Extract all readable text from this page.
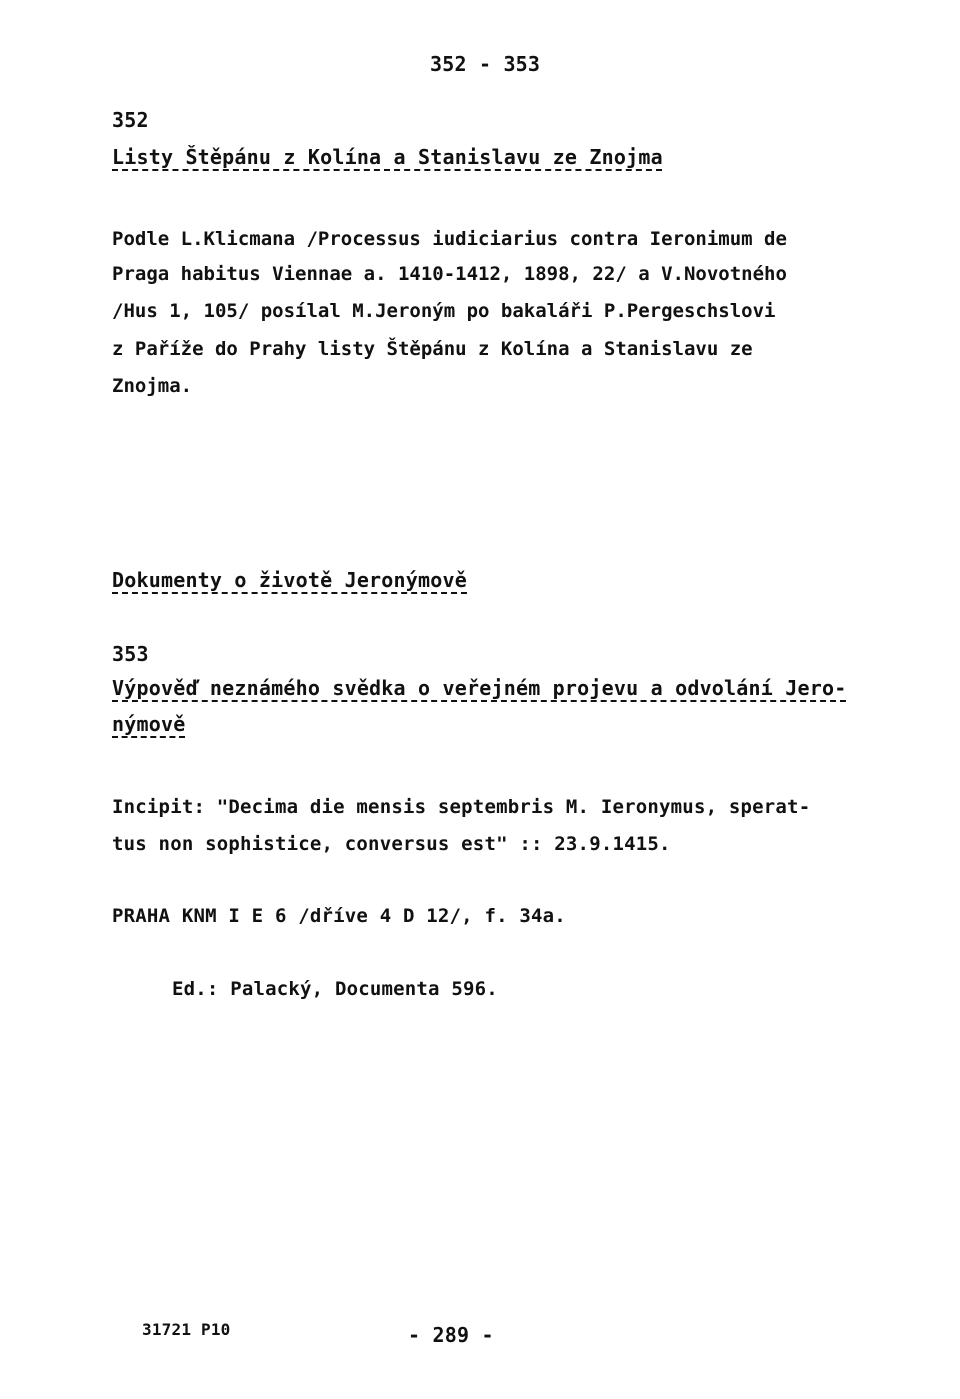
352 - 353
352
Listy Štěpánu z Kolína a Stanislavu ze Znojma
Podle L.Klicmana /Processus iudiciarius contra Ieronimum de
Praga habitus Viennae a. 1410-1412, 1898, 22/ a V.Novotného
/Hus 1, 105/ posílal M.Jeroným po bakaláři P.Pergeschslovi
z Paříže do Prahy listy Štěpánu z Kolína a Stanislavu ze
Znojma.
Dokumenty o životě Jeronýmově
353
Výpověď neznámého svědka o veřejném projevu a odvolání Jero-
nýmově
Incipit: "Decima die mensis septembris M. Ieronymus, sperat-
tus non sophistice, conversus est" :: 23.9.1415.
PRAHA KNM I E 6 /dříve 4 D 12/, f. 34a.
Ed.: Palacký, Documenta 596.
31721 P10	- 289 -
